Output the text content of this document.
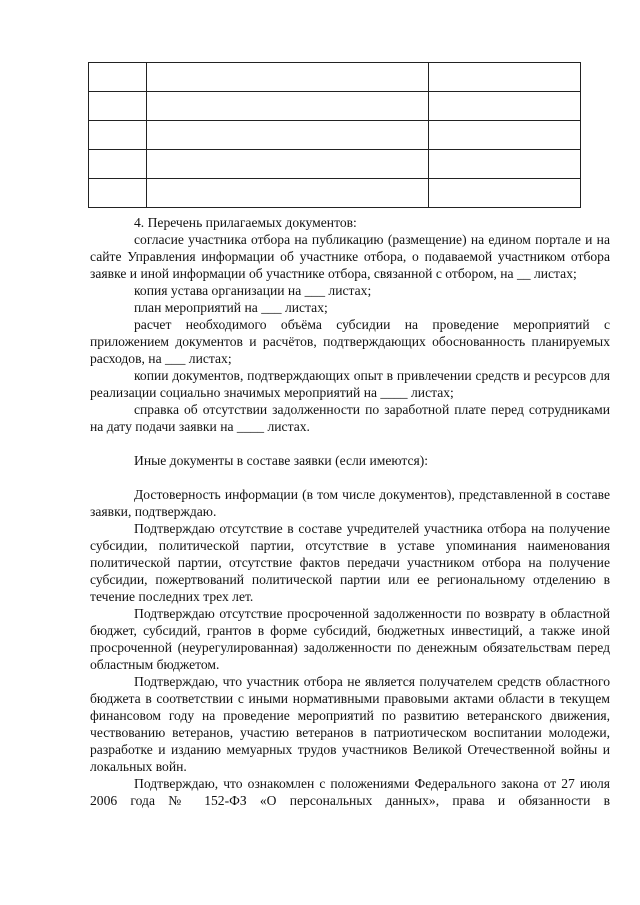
4. Перечень прилагаемых документов:

согласие участника отбора на публикацию (размещение) на едином портале и на сайте Управления информации об участнике отбора, о подаваемой участником отбора заявке и иной информации об участнике отбора, связанной с отбором, на __ листах;

копия устава организации на ___ листах;

план мероприятий на ___ листах;

расчет необходимого объёма субсидии на проведение мероприятий с приложением документов и расчётов, подтверждающих обоснованность планируемых расходов, на ___ листах;

копии документов, подтверждающих опыт в привлечении средств и ресурсов для реализации социально значимых мероприятий на ____ листах;

справка об отсутствии задолженности по заработной плате перед сотрудниками на дату подачи заявки на ____ листах.

Иные документы в составе заявки (если имеются):

Достоверность информации (в том числе документов), представленной в составе заявки, подтверждаю.

Подтверждаю отсутствие в составе учредителей участника отбора на получение субсидии, политической партии, отсутствие в уставе упоминания наименования политической партии, отсутствие фактов передачи участником отбора на получение субсидии, пожертвований политической партии или ее региональному отделению в течение последних трех лет.

Подтверждаю отсутствие просроченной задолженности по возврату в областной бюджет, субсидий, грантов в форме субсидий, бюджетных инвестиций, а также иной просроченной (неурегулированная) задолженности по денежным обязательствам перед областным бюджетом.

Подтверждаю, что участник отбора не является получателем средств областного бюджета в соответствии с иными нормативными правовыми актами области в текущем финансовом году на проведение мероприятий по развитию ветеранского движения, чествованию ветеранов, участию ветеранов в патриотическом воспитании молодежи, разработке и изданию мемуарных трудов участников Великой Отечественной войны и локальных войн.

Подтверждаю, что ознакомлен с положениями Федерального закона от 27 июля 2006 года № 152-ФЗ «О персональных данных», права и обязанности в
